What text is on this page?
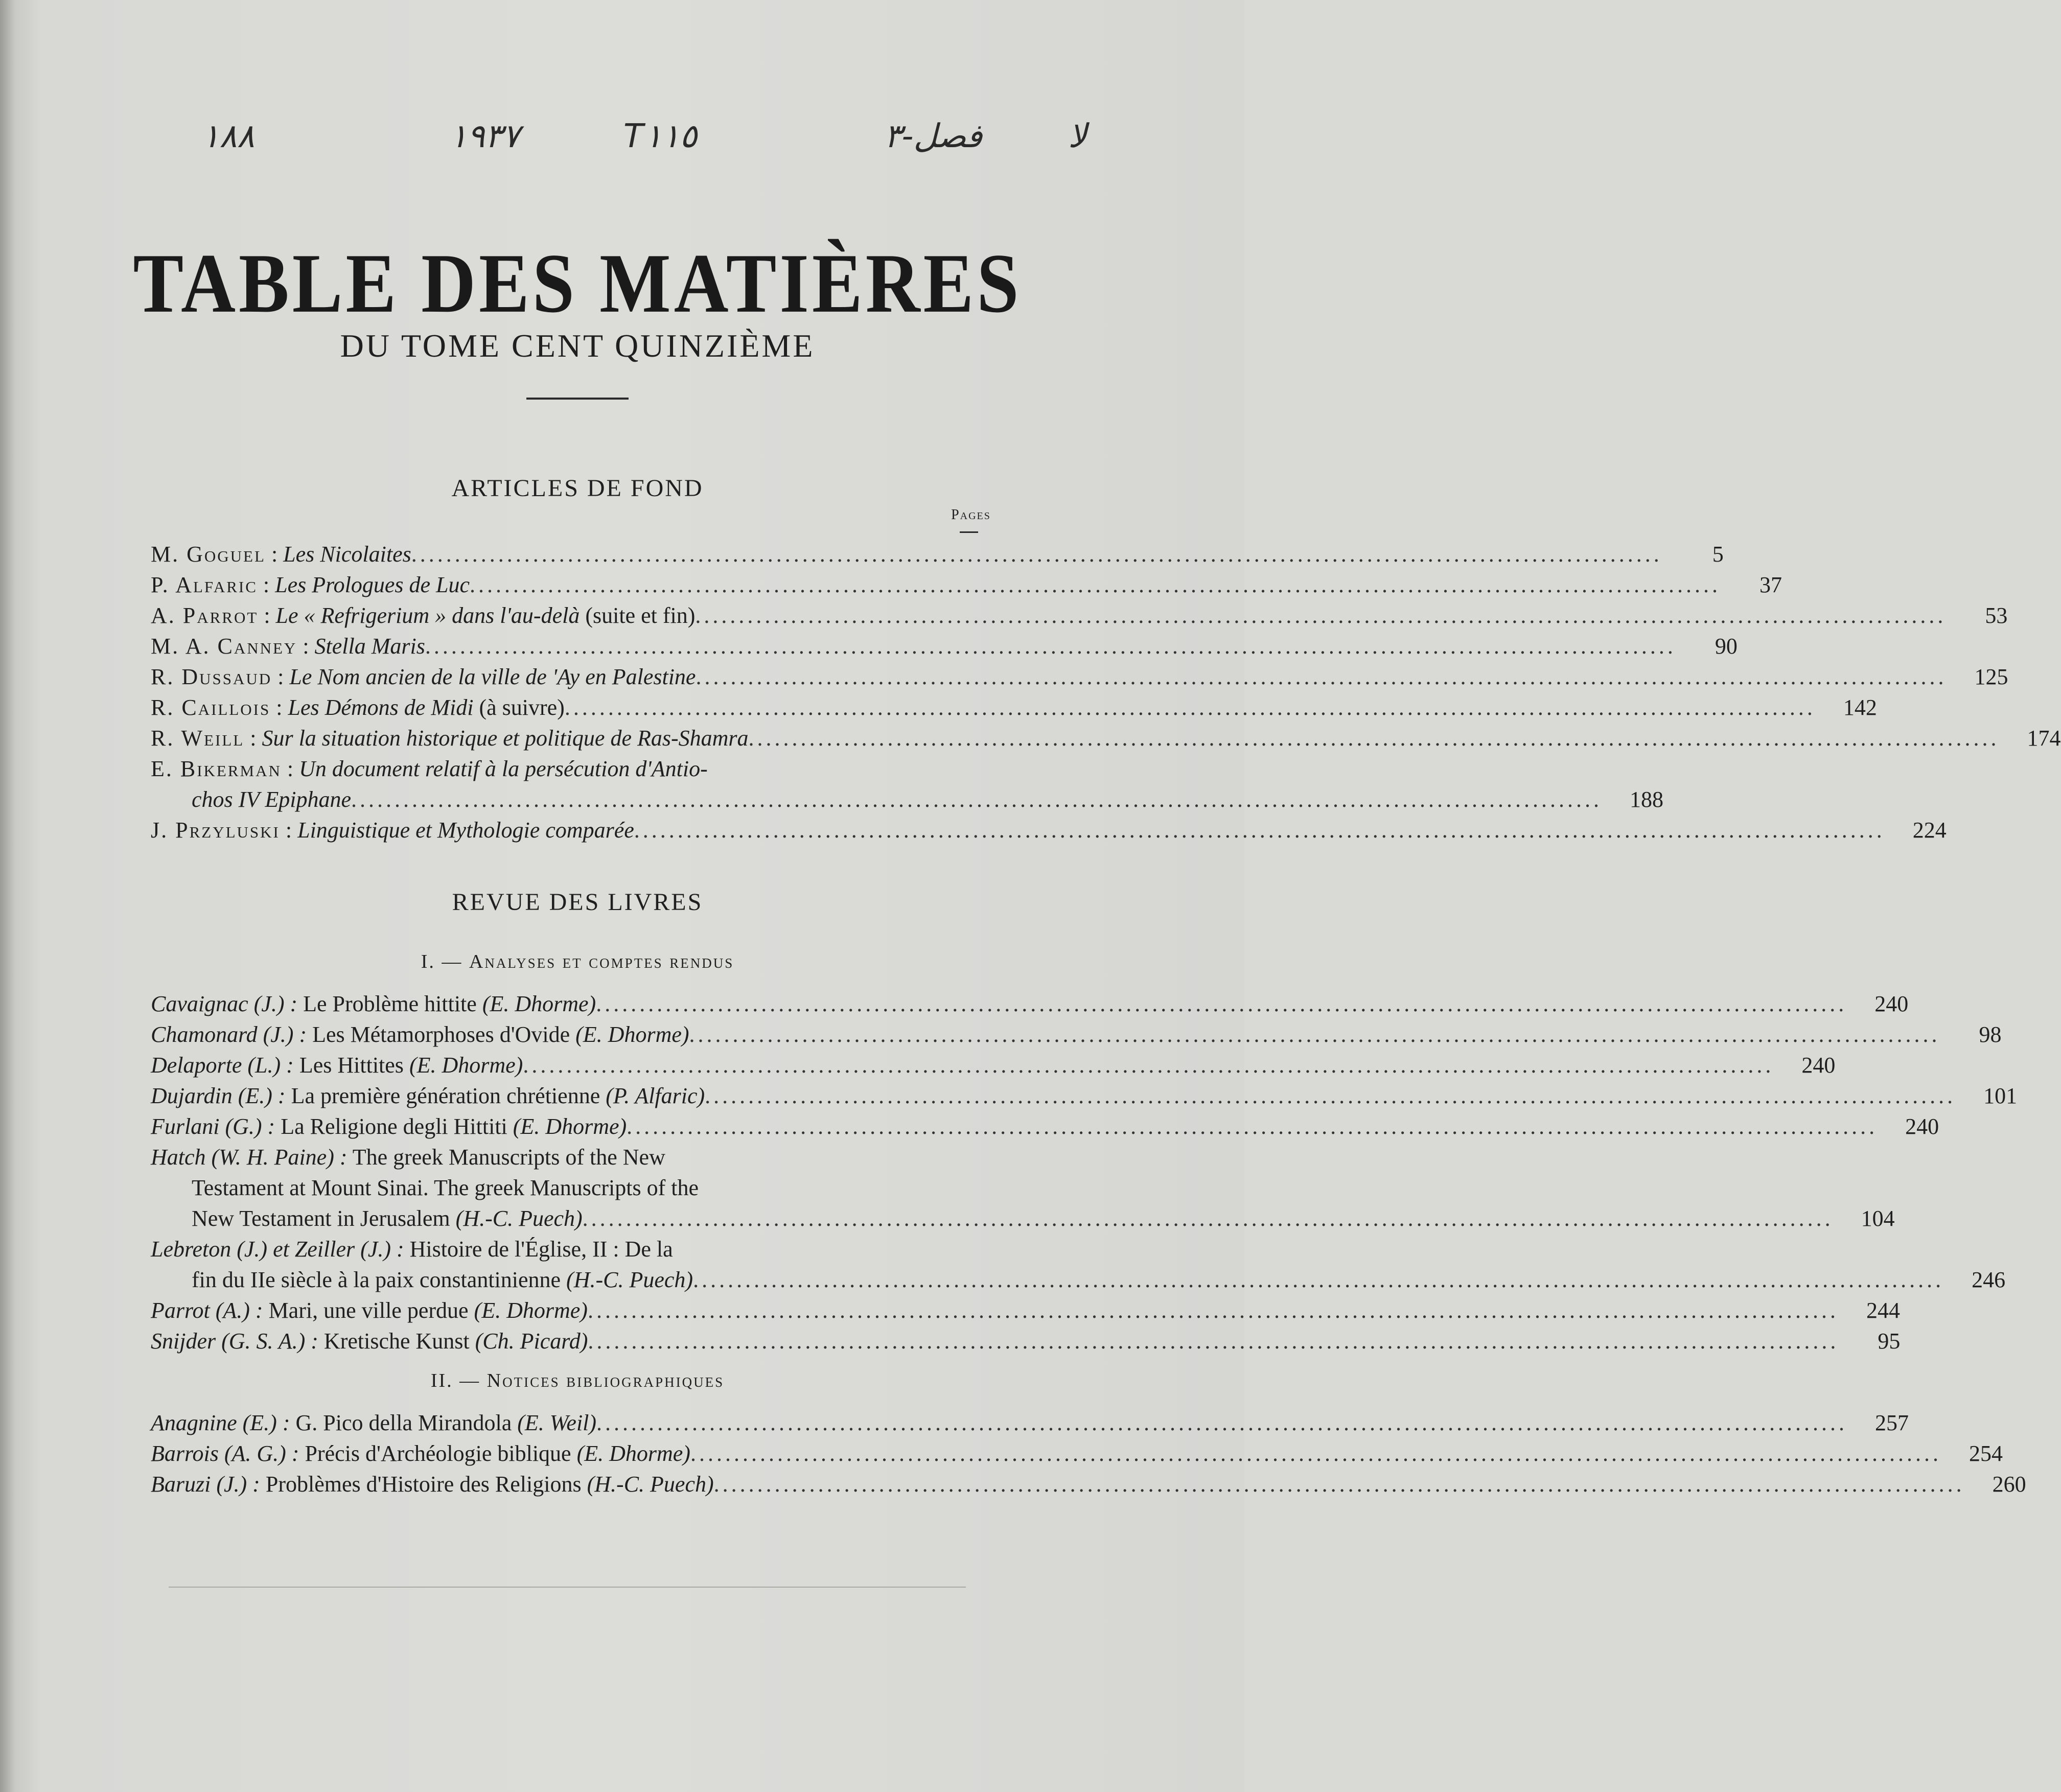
١٨٨	١٩٣٧	T١١٥	فصل-٣	لا
TABLE DES MATIÈRES
DU TOME CENT QUINZIÈME
ARTICLES DE FOND
Pages
M. Goguel : Les Nicolaites .....	5
P. Alfaric : Les Prologues de Luc .....	37
A. Parrot : Le « Refrigerium » dans l'au-delà (suite et fin) .....	53
M. A. Canney : Stella Maris .....	90
R. Dussaud : Le Nom ancien de la ville de 'Ay en Palestine .....	125
R. Caillois : Les Démons de Midi (à suivre) .....	142
R. Weill : Sur la situation historique et politique de Ras-Shamra .....	174
E. Bikerman : Un document relatif à la persécution d'Antio-
chos IV Epiphane .....	188
J. Przyluski : Linguistique et Mythologie comparée .....	224
REVUE DES LIVRES
I. — Analyses et comptes rendus
Cavaignac (J.) : Le Problème hittite (E. Dhorme) .....	240
Chamonard (J.) : Les Métamorphoses d'Ovide (E. Dhorme) .....	98
Delaporte (L.) : Les Hittites (E. Dhorme) .....	240
Dujardin (E.) : La première génération chrétienne (P. Alfaric) .....	101
Furlani (G.) : La Religione degli Hittiti (E. Dhorme) .....	240
Hatch (W. H. Paine) : The greek Manuscripts of the New
Testament at Mount Sinai. The greek Manuscripts of the
New Testament in Jerusalem (H.-C. Puech) .....	104
Lebreton (J.) et Zeiller (J.) : Histoire de l'Église, II : De la
fin du IIe siècle à la paix constantinienne (H.-C. Puech) .....	246
Parrot (A.) : Mari, une ville perdue (E. Dhorme) .....	244
Snijder (G. S. A.) : Kretische Kunst (Ch. Picard) .....	95
II. — Notices bibliographiques
Anagnine (E.) : G. Pico della Mirandola (E. Weil) .....	257
Barrois (A. G.) : Précis d'Archéologie biblique (E. Dhorme) .....	254
Baruzi (J.) : Problèmes d'Histoire des Religions (H.-C. Puech) .....	260
